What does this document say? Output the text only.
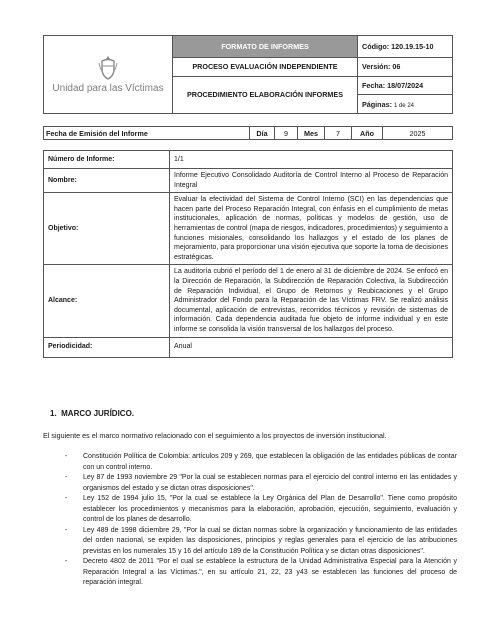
Unidad para las Víctimas	FORMATO DE INFORMES	Código: 120.19.15-10
	PROCESO EVALUACIÓN INDEPENDIENTE	Versión: 06
	PROCEDIMIENTO ELABORACIÓN INFORMES	Fecha: 18/07/2024
		Páginas: 1 de 24
Fecha de Emisión del Informe	Día	9	Mes	7	Año	2025
Número de Informe:	1/1
Nombre:	Informe Ejecutivo Consolidado Auditoría de Control Interno al Proceso de Reparación Integral
Objetivo:	Evaluar la efectividad del Sistema de Control Interno (SCI) en las dependencias que hacen parte del Proceso Reparación Integral, con énfasis en el cumplimiento de metas institucionales, aplicación de normas, políticas y modelos de gestión, uso de herramientas de control (mapa de riesgos, indicadores, procedimientos) y seguimiento a funciones misionales, consolidando los hallazgos y el estado de los planes de mejoramiento, para proporcionar una visión ejecutiva que soporte la toma de decisiones estratégicas.
Alcance:	La auditoría cubrió el período del 1 de enero al 31 de diciembre de 2024. Se enfocó en la Dirección de Reparación, la Subdirección de Reparación Colectiva, la Subdirección de Reparación Individual, el Grupo de Retornos y Reubicaciones y el Grupo Administrador del Fondo para la Reparación de las Víctimas FRV. Se realizó análisis documental, aplicación de entrevistas, recorridos técnicos y revisión de sistemas de información. Cada dependencia auditada fue objeto de informe individual y en este informe se consolida la visión transversal de los hallazgos del proceso.
Periodicidad:	Anual
1. MARCO JURÍDICO.
El siguiente es el marco normativo relacionado con el seguimiento a los proyectos de inversión institucional.
- Constitución Política de Colombia: artículos 209 y 269, que establecen la obligación de las entidades públicas de contar con un control interno.
- Ley 87 de 1993 noviembre 29 "Por la cual se establecen normas para el ejercicio del control interno en las entidades y organismos del estado y se dictan otras disposiciones".
- Ley 152 de 1994 julio 15, "Por la cual se establece la Ley Orgánica del Plan de Desarrollo". Tiene como propósito establecer los procedimientos y mecanismos para la elaboración, aprobación, ejecución, seguimiento, evaluación y control de los planes de desarrollo.
- Ley 489 de 1998 diciembre 29, "Por la cual se dictan normas sobre la organización y funcionamiento de las entidades del orden nacional, se expiden las disposiciones, principios y reglas generales para el ejercicio de las atribuciones previstas en los numerales 15 y 16 del artículo 189 de la Constitución Política y se dictan otras disposiciones".
- Decreto 4802 de 2011 "Por el cual se establece la estructura de la Unidad Administrativa Especial para la Atención y Reparación Integral a las Víctimas.", en su artículo 21, 22, 23 y43 se establecen las funciones del proceso de reparación integral.
